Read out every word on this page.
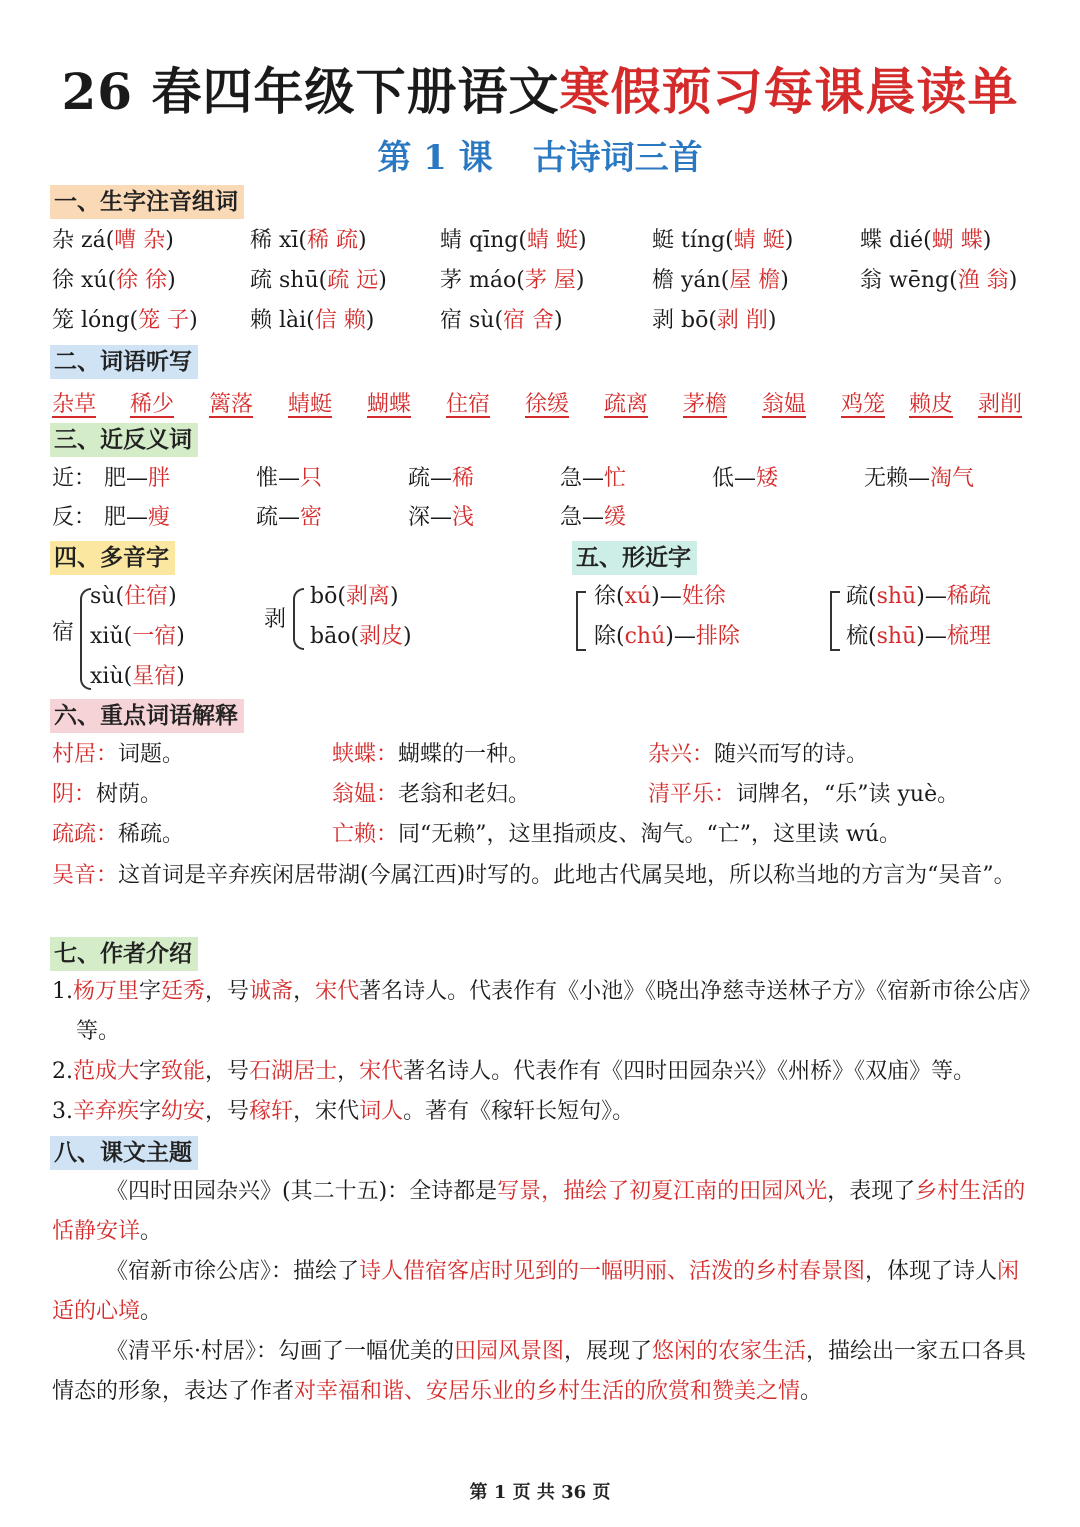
26 春四年级下册语文寒假预习每课晨读单
第 1 课 古诗词三首
一、生字注音组词
杂 zá(嘈 杂)	稀 xī(稀 疏)	蜻 qīng(蜻 蜓)	蜓 tíng(蜻 蜓)	蝶 dié(蝴 蝶)
徐 xú(徐 徐)	疏 shū(疏 远) 茅 máo(茅 屋)	檐 yán(屋 檐)	翁 wēng(渔 翁)
笼 lóng(笼 子) 赖 lài(信 赖)	宿 sù(宿 舍)	剥 bō(剥 削)
二、词语听写
杂草 稀少 篱落 蜻蜓 蝴蝶 住宿 徐缓 疏离 茅檐 翁媪 鸡笼 赖皮 剥削
三、近反义词
近： 肥—胖	惟—只	疏—稀	急—忙	低—矮	无赖—淘气
反： 肥—瘦	疏—密	深—浅	急—缓
四、多音字
宿
sù(住宿)
xiǔ(一宿)
xiù(星宿)
剥
bō(剥离)
bāo(剥皮)
五、形近字
徐(xú)—姓徐
除(chú)—排除
疏(shū)—稀疏
梳(shū)—梳理
六、重点词语解释
村居：词题。	蛱蝶：蝴蝶的一种。	杂兴：随兴而写的诗。
阴：树荫。	翁媪：老翁和老妇。	清平乐：词牌名，“乐”读 yuè。
疏疏：稀疏。	亡赖：同“无赖”，这里指顽皮、淘气。“亡”，这里读 wú。
吴音：这首词是辛弃疾闲居带湖(今属江西)时写的。此地古代属吴地，所以称当地的方言为“吴音”。
七、作者介绍
1.杨万里字廷秀，号诚斋，宋代著名诗人。代表作有《小池》《晓出净慈寺送林子方》《宿新市徐公店》等。
2.范成大字致能，号石湖居士，宋代著名诗人。代表作有《四时田园杂兴》《州桥》《双庙》等。
3.辛弃疾字幼安，号稼轩，宋代词人。著有《稼轩长短句》。
八、课文主题
《四时田园杂兴》(其二十五)：全诗都是写景，描绘了初夏江南的田园风光，表现了乡村生活的恬静安详。
《宿新市徐公店》：描绘了诗人借宿客店时见到的一幅明丽、活泼的乡村春景图，体现了诗人闲适的心境。
《清平乐·村居》：勾画了一幅优美的田园风景图，展现了悠闲的农家生活，描绘出一家五口各具情态的形象，表达了作者对幸福和谐、安居乐业的乡村生活的欣赏和赞美之情。
第 1 页 共 36 页
